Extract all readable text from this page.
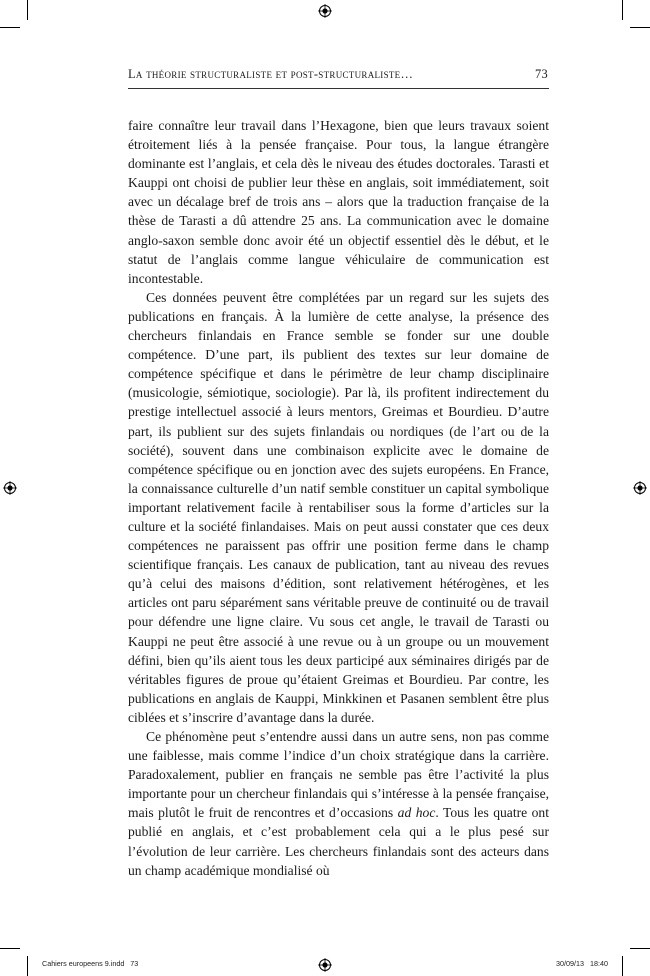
La théorie structuraliste et post-structuraliste…	73

faire connaître leur travail dans l’Hexagone, bien que leurs travaux soient étroitement liés à la pensée française. Pour tous, la langue étrangère dominante est l’anglais, et cela dès le niveau des études doctorales. Tarasti et Kauppi ont choisi de publier leur thèse en anglais, soit immédiatement, soit avec un décalage bref de trois ans – alors que la traduction française de la thèse de Tarasti a dû attendre 25 ans. La communication avec le domaine anglo-saxon semble donc avoir été un objectif essentiel dès le début, et le statut de l’anglais comme langue véhiculaire de communication est incontestable.

Ces données peuvent être complétées par un regard sur les sujets des publications en français. À la lumière de cette analyse, la présence des chercheurs finlandais en France semble se fonder sur une double compétence. D’une part, ils publient des textes sur leur domaine de compétence spécifique et dans le périmètre de leur champ disciplinaire (musicologie, sémiotique, sociologie). Par là, ils profitent indirectement du prestige intellectuel associé à leurs mentors, Greimas et Bourdieu. D’autre part, ils publient sur des sujets finlandais ou nordiques (de l’art ou de la société), souvent dans une combinaison explicite avec le domaine de compétence spécifique ou en jonction avec des sujets européens. En France, la connaissance culturelle d’un natif semble constituer un capital symbolique important relativement facile à rentabiliser sous la forme d’articles sur la culture et la société finlandaises. Mais on peut aussi constater que ces deux compétences ne paraissent pas offrir une position ferme dans le champ scientifique français. Les canaux de publication, tant au niveau des revues qu’à celui des maisons d’édition, sont relativement hétérogènes, et les articles ont paru séparément sans véritable preuve de continuité ou de travail pour défendre une ligne claire. Vu sous cet angle, le travail de Tarasti ou Kauppi ne peut être associé à une revue ou à un groupe ou un mouvement défini, bien qu’ils aient tous les deux participé aux séminaires dirigés par de véritables figures de proue qu’étaient Greimas et Bourdieu. Par contre, les publications en anglais de Kauppi, Minkkinen et Pasanen semblent être plus ciblées et s’inscrire d’avantage dans la durée.

Ce phénomène peut s’entendre aussi dans un autre sens, non pas comme une faiblesse, mais comme l’indice d’un choix stratégique dans la carrière. Paradoxalement, publier en français ne semble pas être l’activité la plus importante pour un chercheur finlandais qui s’intéresse à la pensée française, mais plutôt le fruit de rencontres et d’occasions ad hoc. Tous les quatre ont publié en anglais, et c’est probablement cela qui a le plus pesé sur l’évolution de leur carrière. Les chercheurs finlandais sont des acteurs dans un champ académique mondialisé où

Cahiers europeens 9.indd   73	30/09/13   18:40
